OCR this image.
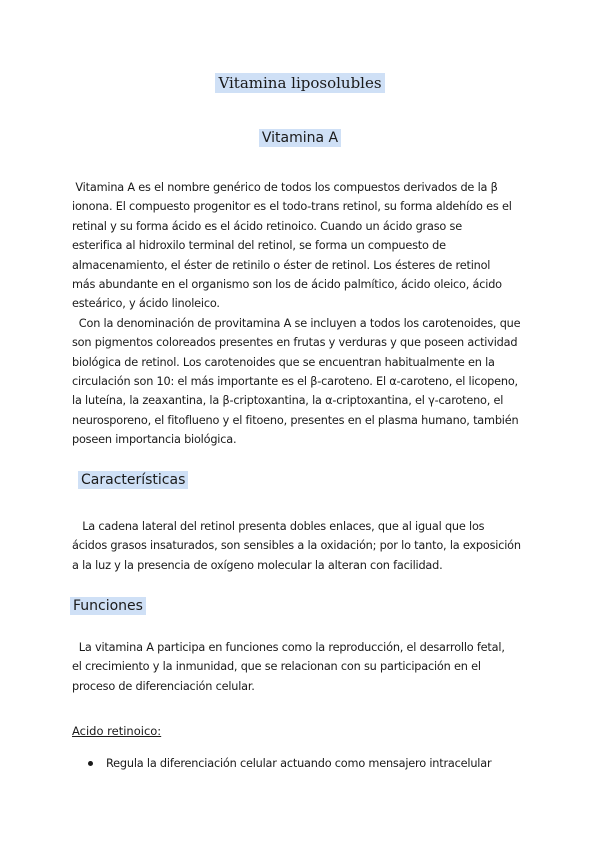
Vitamina liposolubles
Vitamina A

Vitamina A es el nombre genérico de todos los compuestos derivados de la β
ionona. El compuesto progenitor es el todo-trans retinol, su forma aldehído es el
retinal y su forma ácido es el ácido retinoico. Cuando un ácido graso se
esterifica al hidroxilo terminal del retinol, se forma un compuesto de
almacenamiento, el éster de retinilo o éster de retinol. Los ésteres de retinol
más abundante en el organismo son los de ácido palmítico, ácido oleico, ácido
esteárico, y ácido linoleico.
Con la denominación de provitamina A se incluyen a todos los carotenoides, que
son pigmentos coloreados presentes en frutas y verduras y que poseen actividad
biológica de retinol. Los carotenoides que se encuentran habitualmente en la
circulación son 10: el más importante es el β-caroteno. El α-caroteno, el licopeno,
la luteína, la zeaxantina, la β-criptoxantina, la α-criptoxantina, el γ-caroteno, el
neurosporeno, el fitoflueno y el fitoeno, presentes en el plasma humano, también
poseen importancia biológica.

Características

La cadena lateral del retinol presenta dobles enlaces, que al igual que los
ácidos grasos insaturados, son sensibles a la oxidación; por lo tanto, la exposición
a la luz y la presencia de oxígeno molecular la alteran con facilidad.

Funciones

La vitamina A participa en funciones como la reproducción, el desarrollo fetal,
el crecimiento y la inmunidad, que se relacionan con su participación en el
proceso de diferenciación celular.

Acido retinoico:
Regula la diferenciación celular actuando como mensajero intracelular
